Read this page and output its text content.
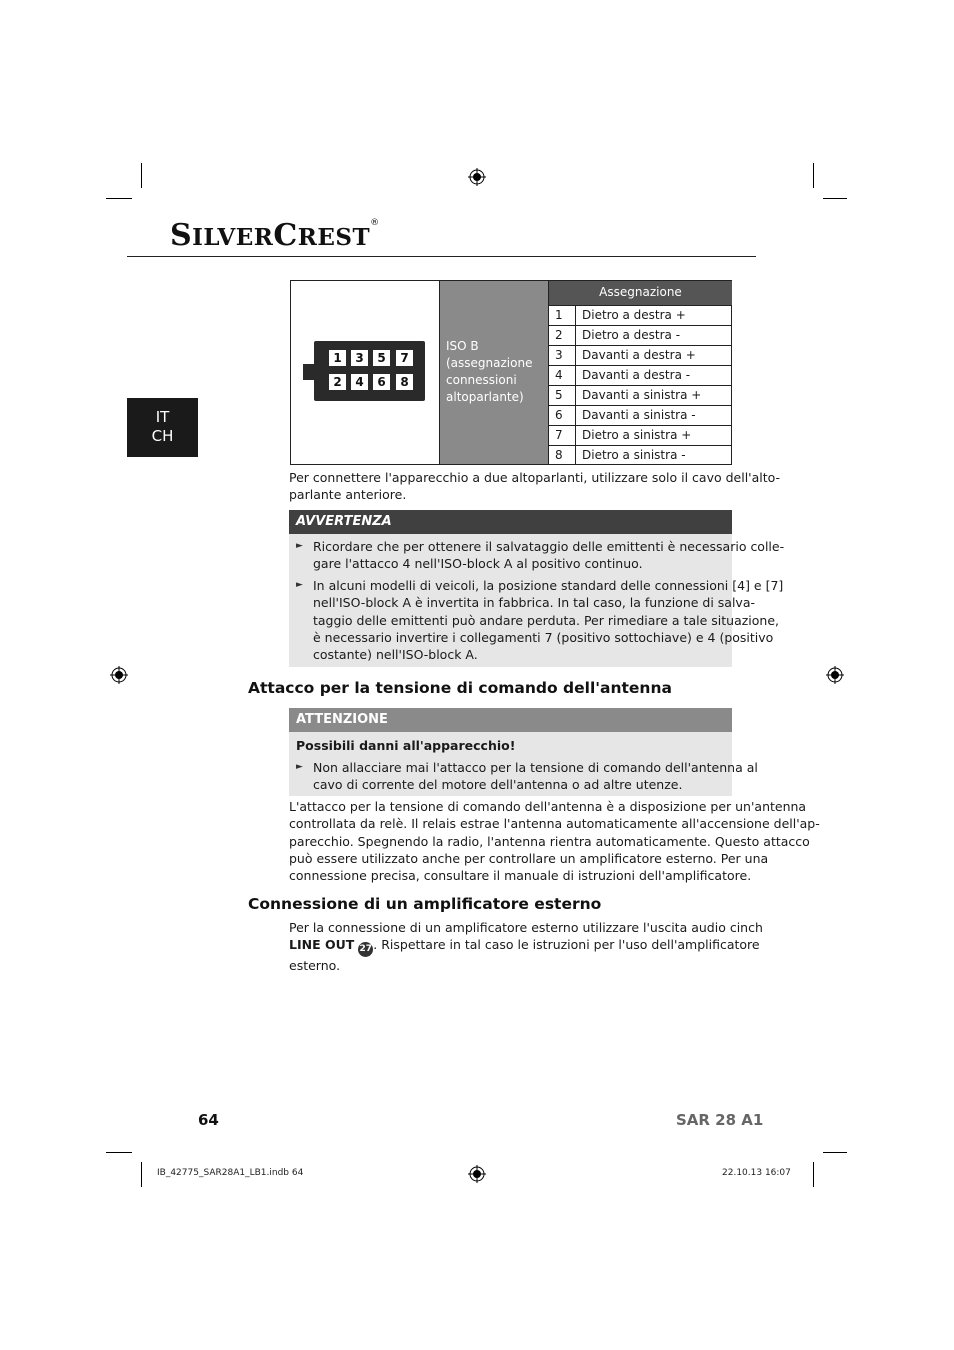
SILVERCREST®
IT
CH
1	3	5	7
2	4	6	8
ISO B
(assegnazione
connessioni
altoparlante)
Assegnazione
1	Dietro a destra +
2	Dietro a destra -
3	Davanti a destra +
4	Davanti a destra -
5	Davanti a sinistra +
6	Davanti a sinistra -
7	Dietro a sinistra +
8	Dietro a sinistra -
Per connettere l'apparecchio a due altoparlanti, utilizzare solo il cavo dell'alto-
parlante anteriore.
AVVERTENZA
► Ricordare che per ottenere il salvataggio delle emittenti è necessario colle-
gare l'attacco 4 nell'ISO-block A al positivo continuo.
► In alcuni modelli di veicoli, la posizione standard delle connessioni [4] e [7]
nell'ISO-block A è invertita in fabbrica. In tal caso, la funzione di salva-
taggio delle emittenti può andare perduta. Per rimediare a tale situazione,
è necessario invertire i collegamenti 7 (positivo sottochiave) e 4 (positivo
costante) nell'ISO-block A.
Attacco per la tensione di comando dell'antenna
ATTENZIONE
Possibili danni all'apparecchio!
► Non allacciare mai l'attacco per la tensione di comando dell'antenna al
cavo di corrente del motore dell'antenna o ad altre utenze.
L'attacco per la tensione di comando dell'antenna è a disposizione per un'antenna
controllata da relè. Il relais estrae l'antenna automaticamente all'accensione dell'ap-
parecchio. Spegnendo la radio, l'antenna rientra automaticamente. Questo attacco
può essere utilizzato anche per controllare un amplificatore esterno. Per una
connessione precisa, consultare il manuale di istruzioni dell'amplificatore.
Connessione di un amplificatore esterno
Per la connessione di un amplificatore esterno utilizzare l'uscita audio cinch
LINE OUT 27. Rispettare in tal caso le istruzioni per l'uso dell'amplificatore
esterno.
64	SAR 28 A1
IB_42775_SAR28A1_LB1.indb 64	22.10.13 16:07
